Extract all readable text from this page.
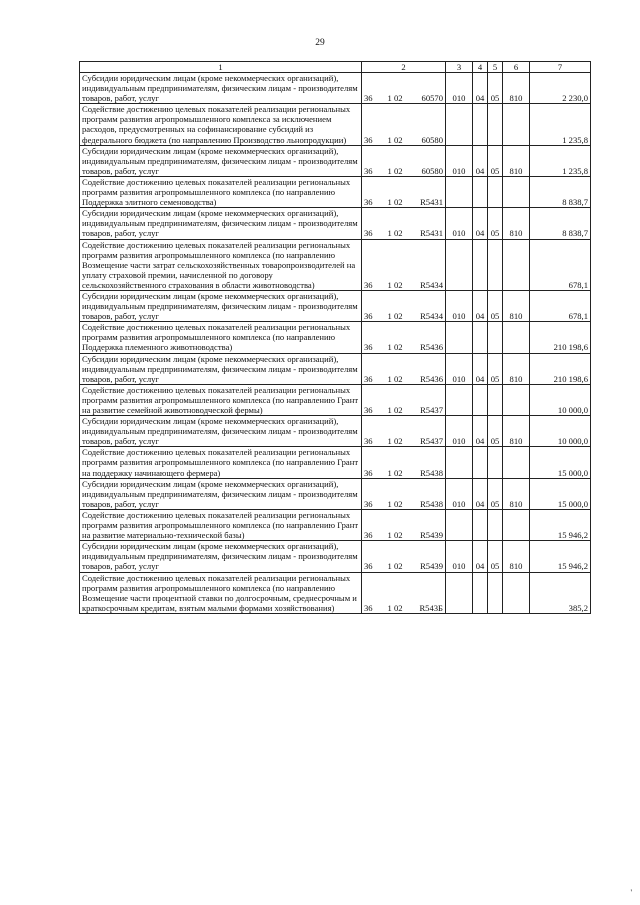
29
1	2			3	4	5	6	7
Субсидии юридическим лицам (кроме некоммерческих организаций), индивидуальным предпринимателям, физическим лицам - производителям товаров, работ, услуг	36	1 02	60570	010	04	05	810	2 230,0
Содействие достижению целевых показателей реализации региональных программ развития агропромышленного комплекса за исключением расходов, предусмотренных на софинансирование субсидий из федерального бюджета (по направлению Производство льнопродукции)	36	1 02	60580					1 235,8
Субсидии юридическим лицам (кроме некоммерческих организаций), индивидуальным предпринимателям, физическим лицам - производителям товаров, работ, услуг	36	1 02	60580	010	04	05	810	1 235,8
Содействие достижению целевых показателей реализации региональных программ развития агропромышленного комплекса (по направлению Поддержка элитного семеноводства)	36	1 02	R5431					8 838,7
Субсидии юридическим лицам (кроме некоммерческих организаций), индивидуальным предпринимателям, физическим лицам - производителям товаров, работ, услуг	36	1 02	R5431	010	04	05	810	8 838,7
Содействие достижению целевых показателей реализации региональных программ развития агропромышленного комплекса (по направлению Возмещение части затрат сельскохозяйственных товаропроизводителей на уплату страховой премии, начисленной по договору сельскохозяйственного страхования в области животноводства)	36	1 02	R5434					678,1
Субсидии юридическим лицам (кроме некоммерческих организаций), индивидуальным предпринимателям, физическим лицам - производителям товаров, работ, услуг	36	1 02	R5434	010	04	05	810	678,1
Содействие достижению целевых показателей реализации региональных программ развития агропромышленного комплекса (по направлению Поддержка племенного животноводства)	36	1 02	R5436					210 198,6
Субсидии юридическим лицам (кроме некоммерческих организаций), индивидуальным предпринимателям, физическим лицам - производителям товаров, работ, услуг	36	1 02	R5436	010	04	05	810	210 198,6
Содействие достижению целевых показателей реализации региональных программ развития агропромышленного комплекса (по направлению Грант на развитие семейной животноводческой фермы)	36	1 02	R5437					10 000,0
Субсидии юридическим лицам (кроме некоммерческих организаций), индивидуальным предпринимателям, физическим лицам - производителям товаров, работ, услуг	36	1 02	R5437	010	04	05	810	10 000,0
Содействие достижению целевых показателей реализации региональных программ развития агропромышленного комплекса (по направлению Грант на поддержку начинающего фермера)	36	1 02	R5438					15 000,0
Субсидии юридическим лицам (кроме некоммерческих организаций), индивидуальным предпринимателям, физическим лицам - производителям товаров, работ, услуг	36	1 02	R5438	010	04	05	810	15 000,0
Содействие достижению целевых показателей реализации региональных программ развития агропромышленного комплекса (по направлению Грант на развитие материально-технической базы)	36	1 02	R5439					15 946,2
Субсидии юридическим лицам (кроме некоммерческих организаций), индивидуальным предпринимателям, физическим лицам - производителям товаров, работ, услуг	36	1 02	R5439	010	04	05	810	15 946,2
Содействие достижению целевых показателей реализации региональных программ развития агропромышленного комплекса (по направлению Возмещение части процентной ставки по долгосрочным, среднесрочным и краткосрочным кредитам, взятым малыми формами хозяйствования)	36	1 02	R543Б					385,2
'
